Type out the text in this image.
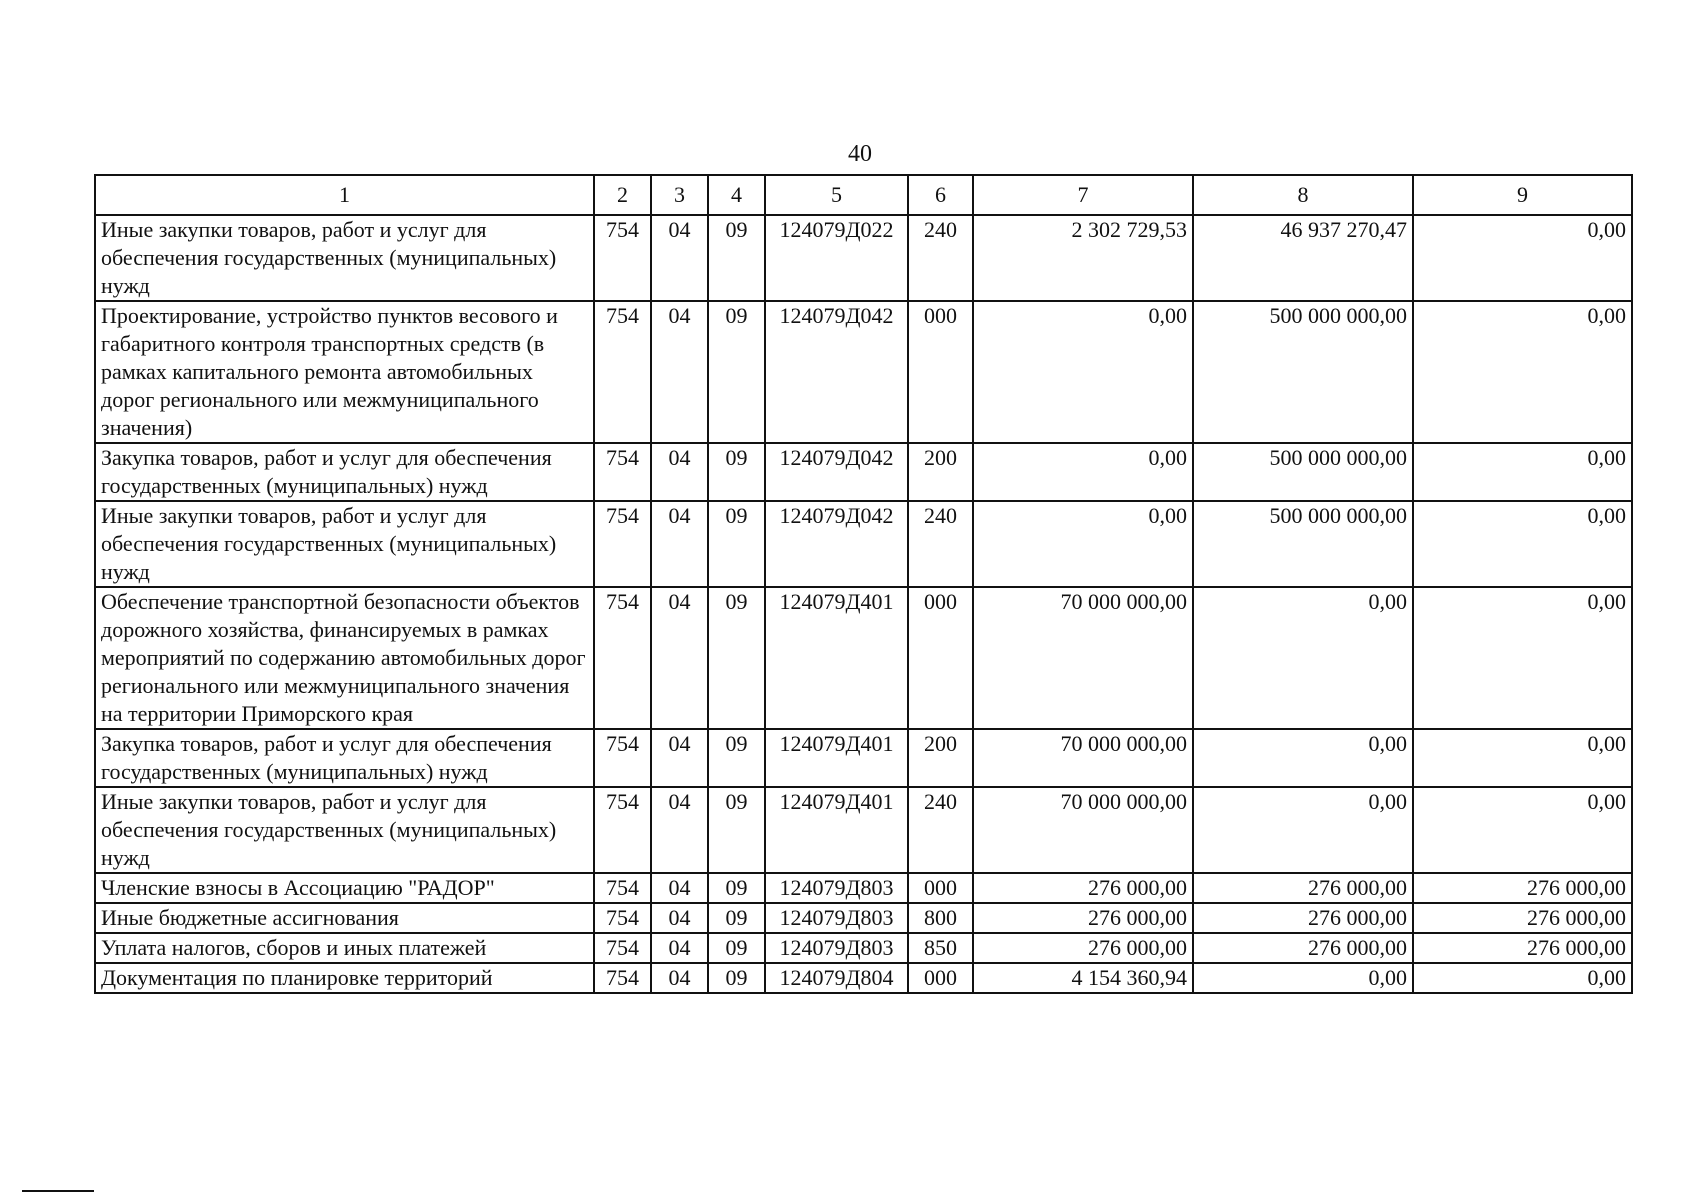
40
1	2	3	4	5	6	7	8	9
Иные закупки товаров, работ и услуг для обеспечения государственных (муниципальных) нужд	754	04	09	124079Д022	240	2 302 729,53	46 937 270,47	0,00
Проектирование, устройство пунктов весового и габаритного контроля транспортных средств (в рамках капитального ремонта автомобильных дорог регионального или межмуниципального значения)	754	04	09	124079Д042	000	0,00	500 000 000,00	0,00
Закупка товаров, работ и услуг для обеспечения государственных (муниципальных) нужд	754	04	09	124079Д042	200	0,00	500 000 000,00	0,00
Иные закупки товаров, работ и услуг для обеспечения государственных (муниципальных) нужд	754	04	09	124079Д042	240	0,00	500 000 000,00	0,00
Обеспечение транспортной безопасности объектов дорожного хозяйства, финансируемых в рамках мероприятий по содержанию автомобильных дорог регионального или межмуниципального значения на территории Приморского края	754	04	09	124079Д401	000	70 000 000,00	0,00	0,00
Закупка товаров, работ и услуг для обеспечения государственных (муниципальных) нужд	754	04	09	124079Д401	200	70 000 000,00	0,00	0,00
Иные закупки товаров, работ и услуг для обеспечения государственных (муниципальных) нужд	754	04	09	124079Д401	240	70 000 000,00	0,00	0,00
Членские взносы в Ассоциацию "РАДОР"	754	04	09	124079Д803	000	276 000,00	276 000,00	276 000,00
Иные бюджетные ассигнования	754	04	09	124079Д803	800	276 000,00	276 000,00	276 000,00
Уплата налогов, сборов и иных платежей	754	04	09	124079Д803	850	276 000,00	276 000,00	276 000,00
Документация по планировке территорий	754	04	09	124079Д804	000	4 154 360,94	0,00	0,00
